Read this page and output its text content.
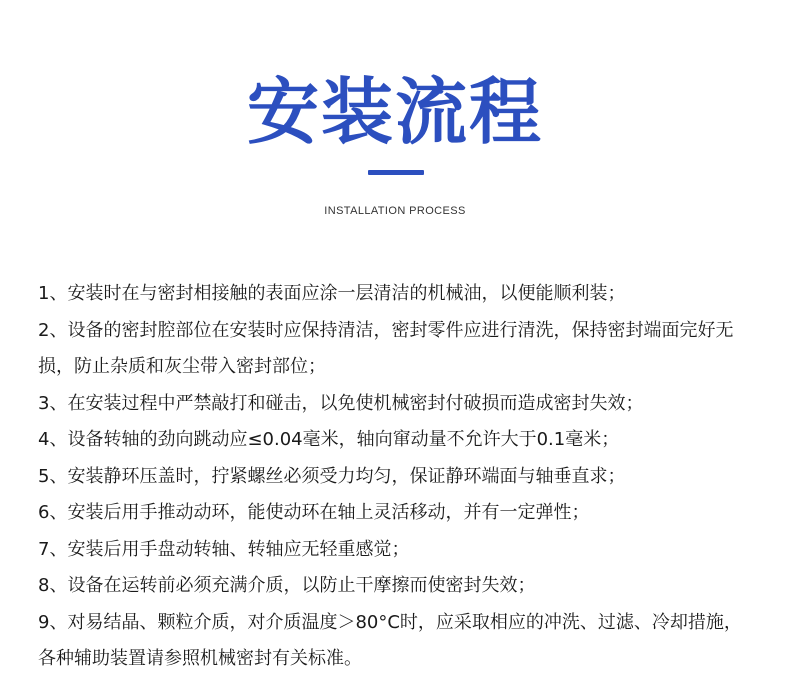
安装流程
INSTALLATION PROCESS
1、安装时在与密封相接触的表面应涂一层清洁的机械油，以便能顺利装；
2、设备的密封腔部位在安装时应保持清洁，密封零件应进行清洗，保持密封端面完好无损，防止杂质和灰尘带入密封部位；
3、在安装过程中严禁敲打和碰击，以免使机械密封付破损而造成密封失效；
4、设备转轴的劲向跳动应≤0.04毫米，轴向窜动量不允许大于0.1毫米；
5、安装静环压盖时，拧紧螺丝必须受力均匀，保证静环端面与轴垂直求；
6、安装后用手推动动环，能使动环在轴上灵活移动，并有一定弹性；
7、安装后用手盘动转轴、转轴应无轻重感觉；
8、设备在运转前必须充满介质，以防止干摩擦而使密封失效；
9、对易结晶、颗粒介质，对介质温度＞80°C时，应采取相应的冲洗、过滤、冷却措施，各种辅助装置请参照机械密封有关标准。
